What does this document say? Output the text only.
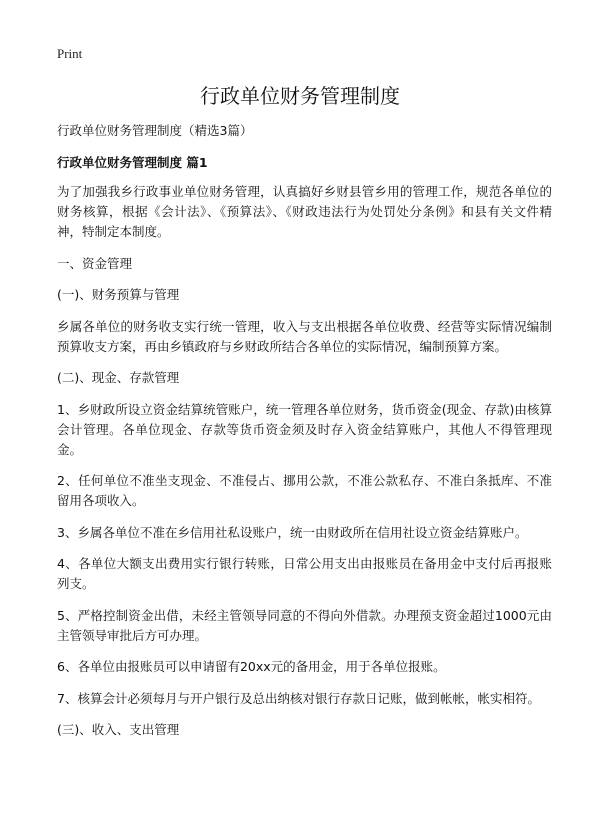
Print
行政单位财务管理制度
行政单位财务管理制度（精选3篇）
行政单位财务管理制度 篇1

为了加强我乡行政事业单位财务管理，认真搞好乡财县管乡用的管理工作，规范各单位的财务核算，根据《会计法》、《预算法》、《财政违法行为处罚处分条例》和县有关文件精神，特制定本制度。

一、资金管理

(一)、财务预算与管理

乡属各单位的财务收支实行统一管理，收入与支出根据各单位收费、经营等实际情况编制预算收支方案，再由乡镇政府与乡财政所结合各单位的实际情况，编制预算方案。

(二)、现金、存款管理

1、乡财政所设立资金结算统管账户，统一管理各单位财务，货币资金(现金、存款)由核算会计管理。各单位现金、存款等货币资金须及时存入资金结算账户，其他人不得管理现金。

2、任何单位不准坐支现金、不准侵占、挪用公款，不准公款私存、不准白条抵库、不准留用各项收入。

3、乡属各单位不准在乡信用社私设账户，统一由财政所在信用社设立资金结算账户。

4、各单位大额支出费用实行银行转账，日常公用支出由报账员在备用金中支付后再报账列支。

5、严格控制资金出借，未经主管领导同意的不得向外借款。办理预支资金超过1000元由主管领导审批后方可办理。

6、各单位由报账员可以申请留有20xx元的备用金，用于各单位报账。

7、核算会计必须每月与开户银行及总出纳核对银行存款日记账，做到帐帐，帐实相符。

(三)、收入、支出管理
